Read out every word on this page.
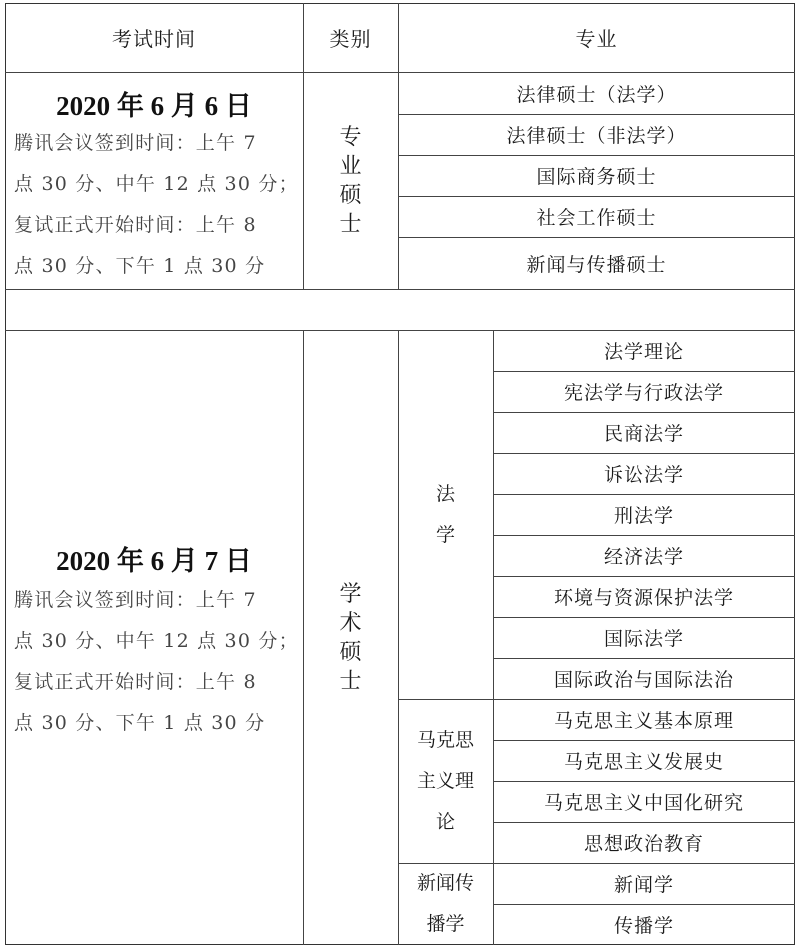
考试时间	类别	专业
2020 年 6 月 6 日
腾讯会议签到时间：上午 7
点 30 分、中午 12 点 30 分；
复试正式开始时间：上午 8
点 30 分、下午 1 点 30 分
专
业
硕
士
法律硕士（法学）
法律硕士（非法学）
国际商务硕士
社会工作硕士
新闻与传播硕士
2020 年 6 月 7 日
腾讯会议签到时间：上午 7
点 30 分、中午 12 点 30 分；
复试正式开始时间：上午 8
点 30 分、下午 1 点 30 分
学
术
硕
士
法
学
马克思
主义理
论
新闻传
播学
法学理论
宪法学与行政法学
民商法学
诉讼法学
刑法学
经济法学
环境与资源保护法学
国际法学
国际政治与国际法治
马克思主义基本原理
马克思主义发展史
马克思主义中国化研究
思想政治教育
新闻学
传播学
